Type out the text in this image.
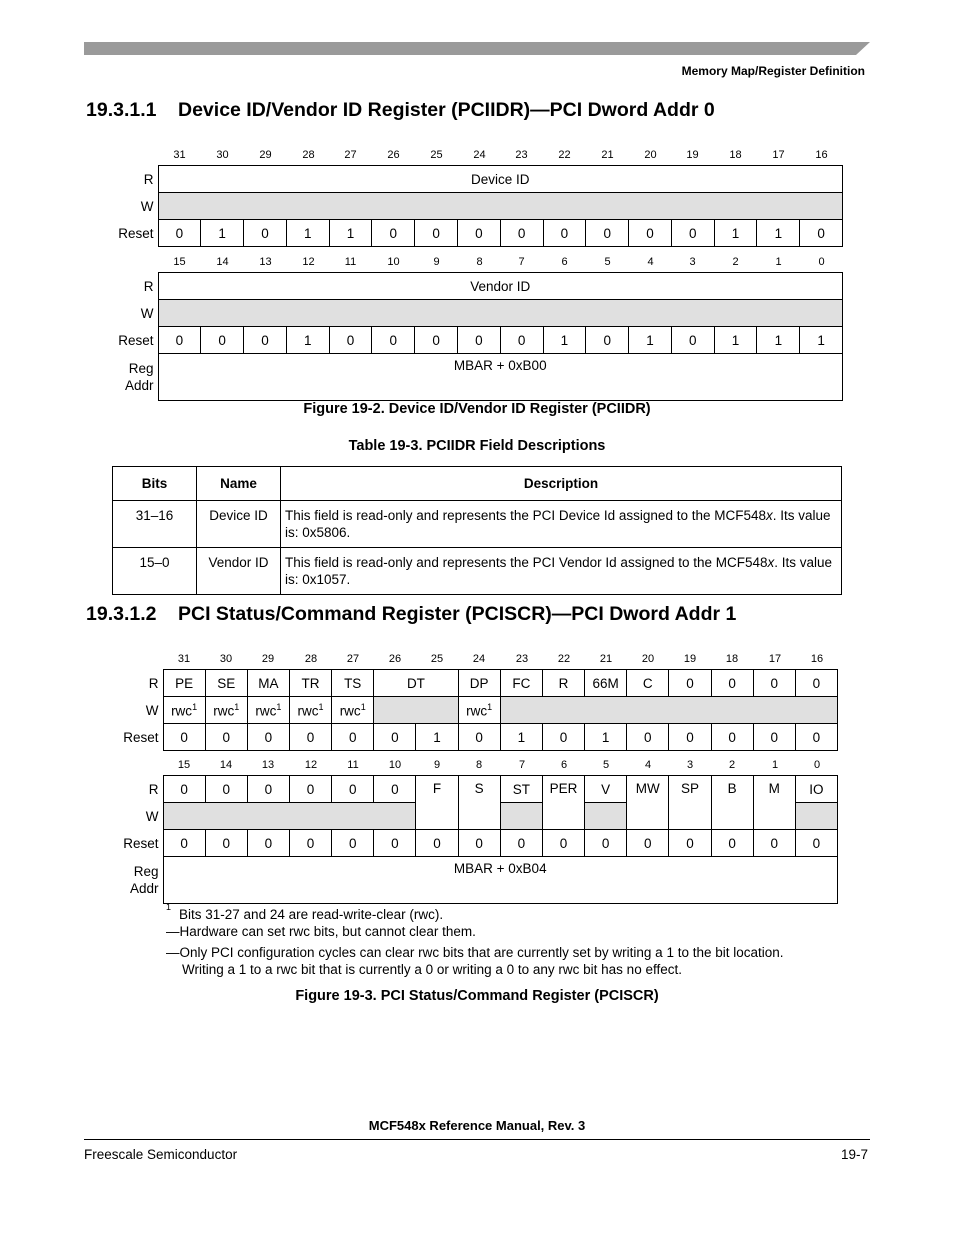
Memory Map/Register Definition
19.3.1.1 Device ID/Vendor ID Register (PCIIDR)—PCI Dword Addr 0
31	30	29	28	27	26	25	24	23	22	21	20	19	18	17	16
R	Device ID															
W																
Reset	0	1	0	1	1	0	0	0	0	0	0	0	0	1	1	0
15	14	13	12	11	10	9	8	7	6	5	4	3	2	1	0
R	Vendor ID															
W																
Reset	0	0	0	1	0	0	0	0	0	1	0	1	0	1	1	1
Reg
Addr	MBAR + 0xB00															
Figure 19-2. Device ID/Vendor ID Register (PCIIDR)
Table 19-3. PCIIDR Field Descriptions
Bits	Name	Description
31–16	Device ID	This field is read-only and represents the PCI Device Id assigned to the MCF548x. Its value is: 0x5806.
15–0	Vendor ID	This field is read-only and represents the PCI Vendor Id assigned to the MCF548x. Its value is: 0x1057.
19.3.1.2 PCI Status/Command Register (PCISCR)—PCI Dword Addr 1
31	30	29	28	27	26	25	24	23	22	21	20	19	18	17	16
R	PE	SE	MA	TR	TS	DT		DP	FC	R	66M	C	0	0	0	0
W	rwc$^1$	rwc$^1$	rwc$^1$	rwc$^1$	rwc$^1$			rwc$^1$	
Reset	0	0	0	0	0	0	1	0	1	0	1	0	0	0	0	0
15	14	13	12	11	10	9	8	7	6	5	4	3	2	1	0
R	0	0	0	0	0	0	F	S	ST	PER	V	MW	SP	B	M	IO
W																
Reset	0	0	0	0	0	0	0	0	0	0	0	0	0	0	0	0
Reg
Addr	MBAR + 0xB04															
$^1$ Bits 31-27 and 24 are read-write-clear (rwc).
—Hardware can set rwc bits, but cannot clear them.
—Only PCI configuration cycles can clear rwc bits that are currently set by writing a 1 to the bit location.
Writing a 1 to a rwc bit that is currently a 0 or writing a 0 to any rwc bit has no effect.
Figure 19-3. PCI Status/Command Register (PCISCR)
MCF548x Reference Manual, Rev. 3
Freescale Semiconductor	19-7
